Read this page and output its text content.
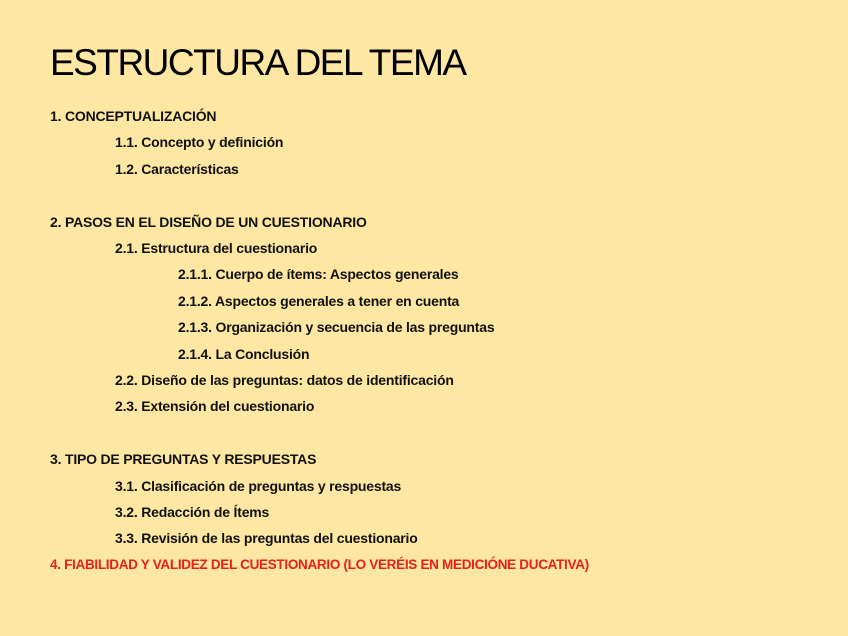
ESTRUCTURA DEL TEMA
1. CONCEPTUALIZACIÓN
1.1. Concepto y definición
1.2. Características
2. PASOS EN EL DISEÑO DE UN CUESTIONARIO
2.1. Estructura del cuestionario
2.1.1. Cuerpo de ítems: Aspectos generales
2.1.2. Aspectos generales a tener en cuenta
2.1.3. Organización y secuencia de las preguntas
2.1.4. La Conclusión
2.2. Diseño de las preguntas: datos de identificación
2.3. Extensión del cuestionario
3. TIPO DE PREGUNTAS Y RESPUESTAS
3.1. Clasificación de preguntas y respuestas
3.2. Redacción de Ítems
3.3. Revisión de las preguntas del cuestionario
4. FIABILIDAD Y VALIDEZ DEL CUESTIONARIO (LO VERÉIS EN MEDICIÓNE DUCATIVA)
